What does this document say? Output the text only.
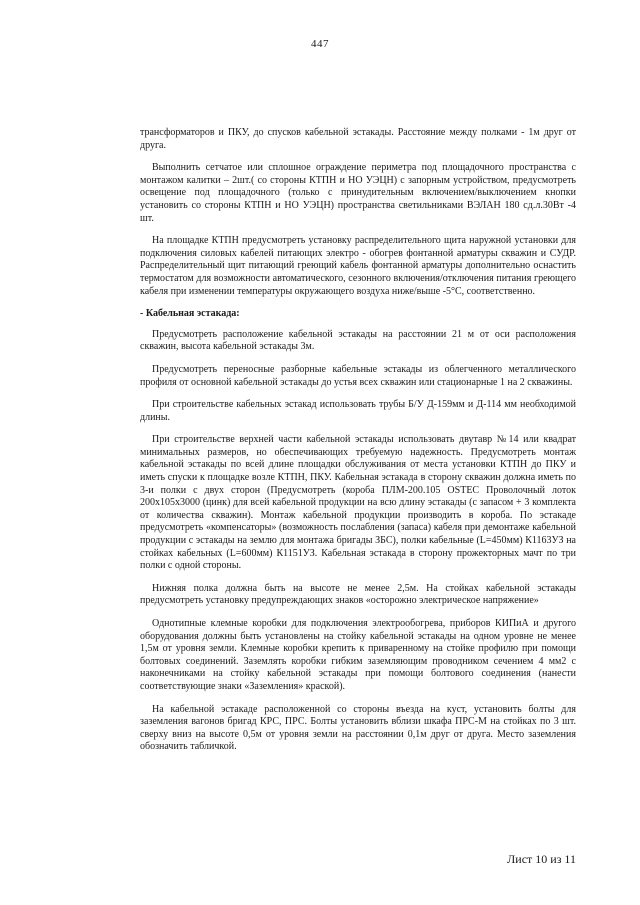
447

трансформаторов и ПКУ, до спусков кабельной эстакады. Расстояние между полками - 1м друг от друга.

Выполнить сетчатое или сплошное ограждение периметра под площадочного пространства с монтажом калитки – 2шт.( со стороны КТПН и НО УЭЦН) с запорным устройством, предусмотреть освещение под площадочного (только с принудительным включением/выключением кнопки установить со стороны КТПН и НО УЭЦН) пространства светильниками ВЭЛАН 180 сд.л.30Вт -4 шт.

На площадке КТПН предусмотреть установку распределительного щита наружной установки для подключения силовых кабелей питающих электро - обогрев фонтанной арматуры скважин и СУДР. Распределительный щит питающий греющий кабель фонтанной арматуры дополнительно оснастить термостатом для возможности автоматического, сезонного включения/отключения питания греющего кабеля при изменении температуры окружающего воздуха ниже/выше -5°С, соответственно.

- Кабельная эстакада:

Предусмотреть расположение кабельной эстакады на расстоянии 21 м от оси расположения скважин, высота кабельной эстакады 3м.

Предусмотреть переносные разборные кабельные эстакады из облегченного металлического профиля от основной кабельной эстакады до устья всех скважин или стационарные 1 на 2 скважины.

При строительстве кабельных эстакад использовать трубы Б/У Д-159мм и Д-114 мм необходимой длины.

При строительстве верхней части кабельной эстакады использовать двутавр №14 или квадрат минимальных размеров, но обеспечивающих требуемую надежность. Предусмотреть монтаж кабельной эстакады по всей длине площадки обслуживания от места установки КТПН до ПКУ и иметь спуски к площадке возле КТПН, ПКУ. Кабельная эстакада в сторону скважин должна иметь по 3-и полки с двух сторон (Предусмотреть (короба ПЛМ-200.105 OSTEC Проволочный лоток 200x105x3000 (цинк) для всей кабельной продукции на всю длину эстакады (с запасом + 3 комплекта от количества скважин). Монтаж кабельной продукции производить в короба. По эстакаде предусмотреть «компенсаторы» (возможность послабления (запаса) кабеля при демонтаже кабельной продукции с эстакады на землю для монтажа бригады ЗБС), полки кабельные (L=450мм) К1163УЗ на стойках кабельных (L=600мм) К1151УЗ. Кабельная эстакада в сторону прожекторных мачт по три полки с одной стороны.

Нижняя полка должна быть на высоте не менее 2,5м. На стойках кабельной эстакады предусмотреть установку предупреждающих знаков «осторожно электрическое напряжение»

Однотипные клемные коробки для подключения электрообогрева, приборов КИПиА и другого оборудования должны быть установлены на стойку кабельной эстакады на одном уровне не менее 1,5м от уровня земли. Клемные коробки крепить к приваренному на стойке профилю при помощи болтовых соединений. Заземлять коробки гибким заземляющим проводником сечением 4 мм2 с наконечниками на стойку кабельной эстакады при помощи болтового соединения (нанести соответствующие знаки «Заземления» краской).

На кабельной эстакаде расположенной со стороны въезда на куст, установить болты для заземления вагонов бригад КРС, ПРС. Болты установить вблизи шкафа ПРС-М на стойках по 3 шт. сверху вниз на высоте 0,5м от уровня земли на расстоянии 0,1м друг от друга. Место заземления обозначить табличкой.

Лист 10 из 11
